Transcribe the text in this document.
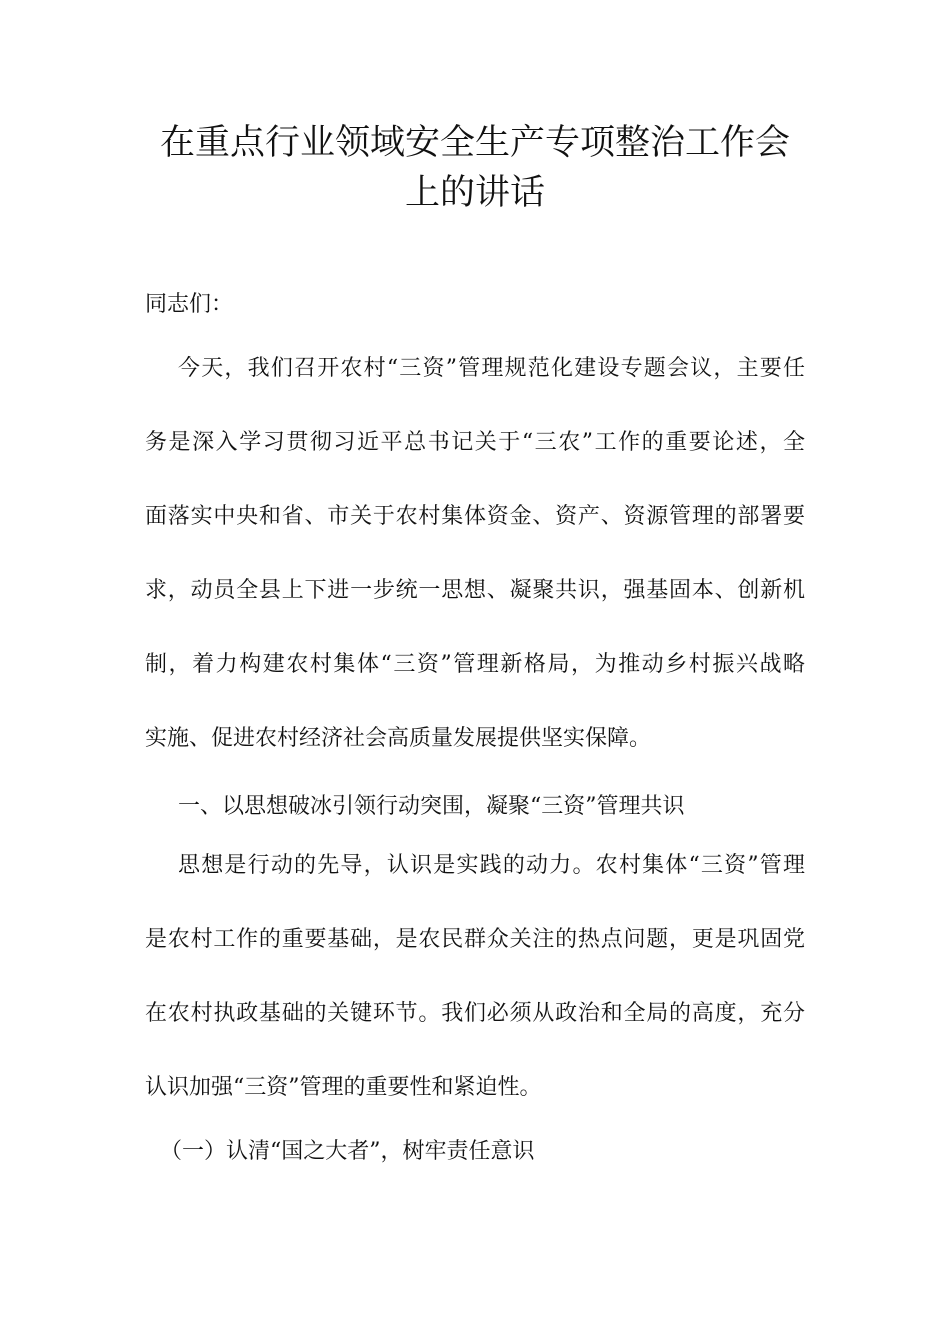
在重点行业领域安全生产专项整治工作会
上的讲话
同志们：
今天，我们召开农村“三资”管理规范化建设专题会议，主要任
务是深入学习贯彻习近平总书记关于“三农”工作的重要论述，全
面落实中央和省、市关于农村集体资金、资产、资源管理的部署要
求，动员全县上下进一步统一思想、凝聚共识，强基固本、创新机
制，着力构建农村集体“三资”管理新格局，为推动乡村振兴战略
实施、促进农村经济社会高质量发展提供坚实保障。
一、以思想破冰引领行动突围，凝聚“三资”管理共识
思想是行动的先导，认识是实践的动力。农村集体“三资”管理
是农村工作的重要基础，是农民群众关注的热点问题，更是巩固党
在农村执政基础的关键环节。我们必须从政治和全局的高度，充分
认识加强“三资”管理的重要性和紧迫性。
（一）认清“国之大者”，树牢责任意识
